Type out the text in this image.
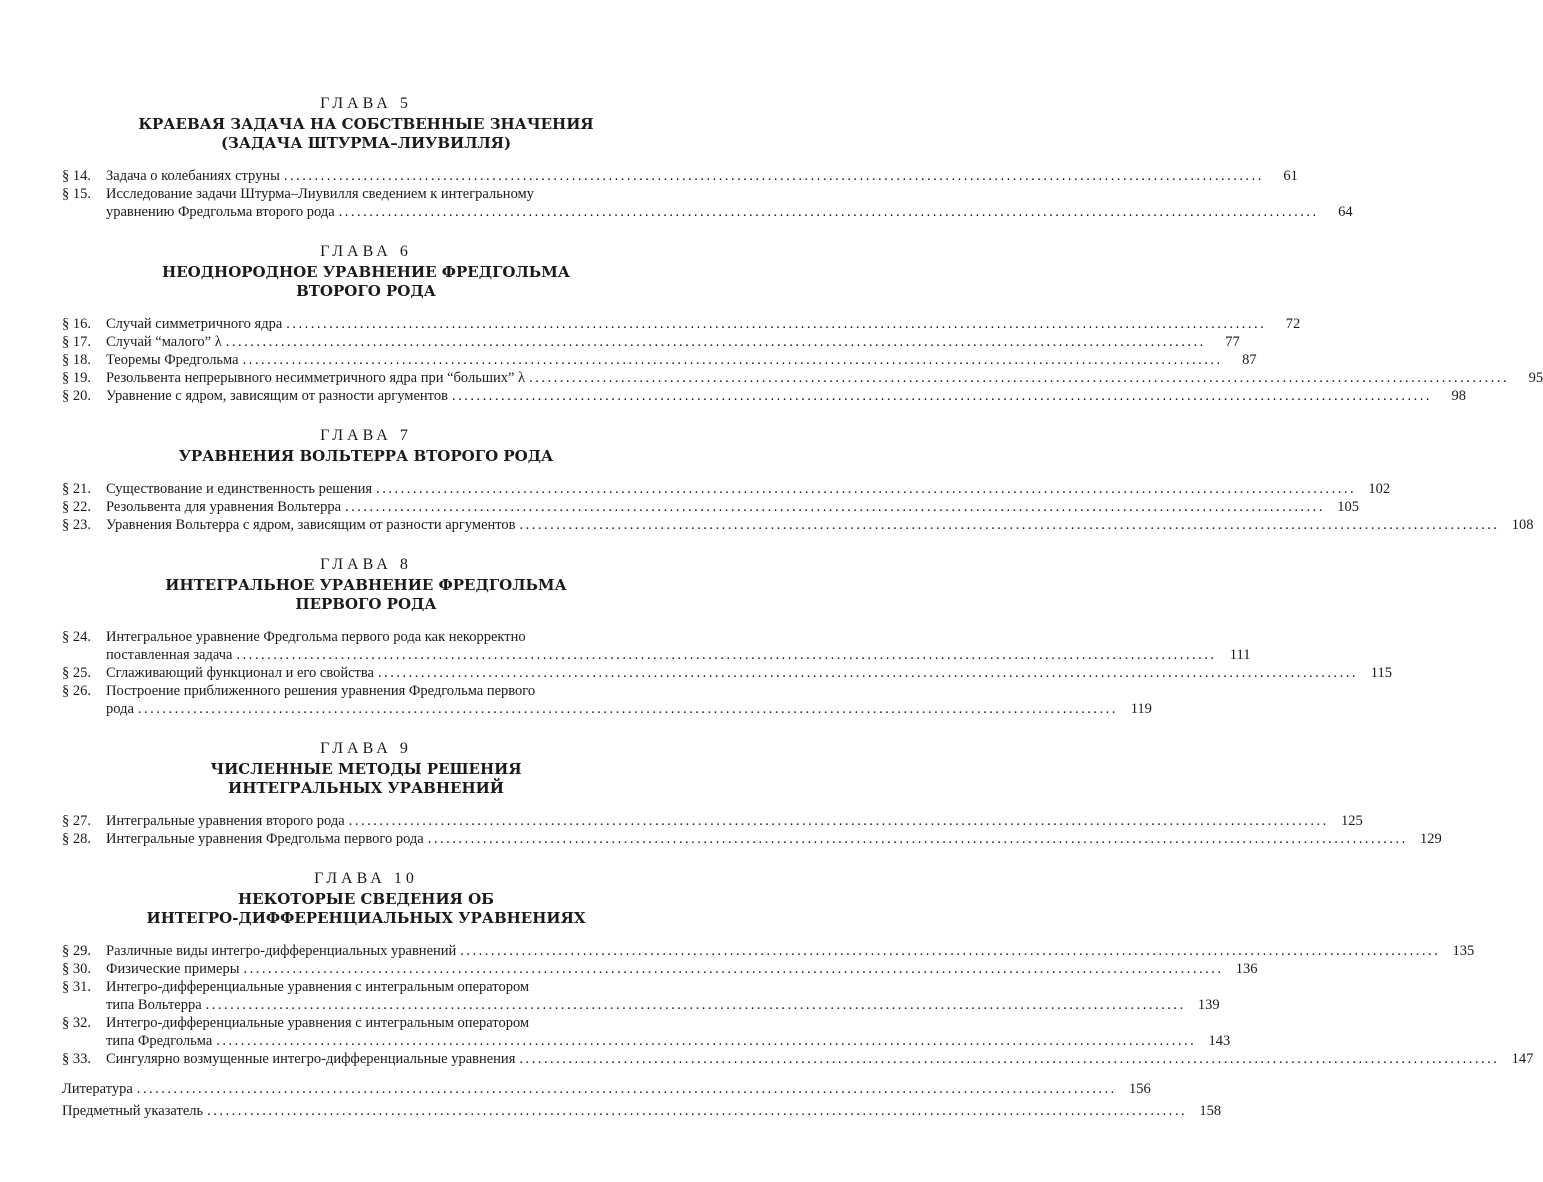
ГЛАВА 5
КРАЕВАЯ ЗАДАЧА НА СОБСТВЕННЫЕ ЗНАЧЕНИЯ
(ЗАДАЧА ШТУРМА–ЛИУВИЛЛЯ)
§ 14.	Задача о колебаниях струны ................................................................................................................................................................	61
§ 15.	Исследование задачи Штурма–Лиувилля сведением к интегральному
уравнению Фредгольма второго рода ................................................................................................................................................................	64
ГЛАВА 6
НЕОДНОРОДНОЕ УРАВНЕНИЕ ФРЕДГОЛЬМА
ВТОРОГО РОДА
§ 16.	Случай симметричного ядра ................................................................................................................................................................	72
§ 17.	Случай “малого” λ ................................................................................................................................................................	77
§ 18.	Теоремы Фредгольма ................................................................................................................................................................	87
§ 19.	Резольвента непрерывного несимметричного ядра при “больших” λ ................................................................................................................................................................	95
§ 20.	Уравнение с ядром, зависящим от разности аргументов ................................................................................................................................................................	98
ГЛАВА 7
УРАВНЕНИЯ ВОЛЬТЕРРА ВТОРОГО РОДА
§ 21.	Существование и единственность решения ................................................................................................................................................................ 102
§ 22.	Резольвента для уравнения Вольтерра ................................................................................................................................................................ 105
§ 23.	Уравнения Вольтерра с ядром, зависящим от разности аргументов ................................................................................................................................................................ 108
ГЛАВА 8
ИНТЕГРАЛЬНОЕ УРАВНЕНИЕ ФРЕДГОЛЬМА
ПЕРВОГО РОДА
§ 24.	Интегральное уравнение Фредгольма первого рода как некорректно
поставленная задача ................................................................................................................................................................ 111
§ 25.	Сглаживающий функционал и его свойства ................................................................................................................................................................ 115
§ 26.	Построение приближенного решения уравнения Фредгольма первого
рода ................................................................................................................................................................ 119
ГЛАВА 9
ЧИСЛЕННЫЕ МЕТОДЫ РЕШЕНИЯ
ИНТЕГРАЛЬНЫХ УРАВНЕНИЙ
§ 27.	Интегральные уравнения второго рода ................................................................................................................................................................ 125
§ 28.	Интегральные уравнения Фредгольма первого рода ................................................................................................................................................................ 129
ГЛАВА 10
НЕКОТОРЫЕ СВЕДЕНИЯ ОБ
ИНТЕГРО-ДИФФЕРЕНЦИАЛЬНЫХ УРАВНЕНИЯХ
§ 29.	Различные виды интегро-дифференциальных уравнений ................................................................................................................................................................ 135
§ 30.	Физические примеры ................................................................................................................................................................ 136
§ 31.	Интегро-дифференциальные уравнения с интегральным оператором
типа Вольтерра ................................................................................................................................................................ 139
§ 32.	Интегро-дифференциальные уравнения с интегральным оператором
типа Фредгольма ................................................................................................................................................................ 143
§ 33.	Сингулярно возмущенные интегро-дифференциальные уравнения ................................................................................................................................................................ 147
Литература ................................................................................................................................................................ 156
Предметный указатель ................................................................................................................................................................ 158
